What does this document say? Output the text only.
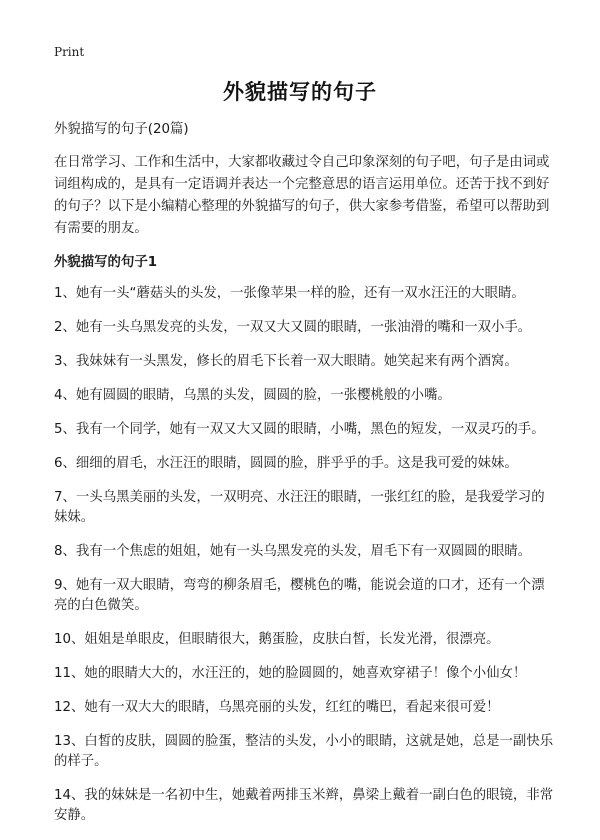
Print
外貌描写的句子

外貌描写的句子(20篇)

在日常学习、工作和生活中，大家都收藏过令自己印象深刻的句子吧，句子是由词或词组构成的，是具有一定语调并表达一个完整意思的语言运用单位。还苦于找不到好的句子？以下是小编精心整理的外貌描写的句子，供大家参考借鉴，希望可以帮助到有需要的朋友。

外貌描写的句子1
1、她有一头“蘑菇头的头发，一张像苹果一样的脸，还有一双水汪汪的大眼睛。
2、她有一头乌黑发亮的头发，一双又大又圆的眼睛，一张油滑的嘴和一双小手。
3、我妹妹有一头黑发，修长的眉毛下长着一双大眼睛。她笑起来有两个酒窝。
4、她有圆圆的眼睛，乌黑的头发，圆圆的脸，一张樱桃般的小嘴。
5、我有一个同学，她有一双又大又圆的眼睛，小嘴，黑色的短发，一双灵巧的手。
6、细细的眉毛，水汪汪的眼睛，圆圆的脸，胖乎乎的手。这是我可爱的妹妹。
7、一头乌黑美丽的头发，一双明亮、水汪汪的眼睛，一张红红的脸，是我爱学习的妹妹。
8、我有一个焦虑的姐姐，她有一头乌黑发亮的头发，眉毛下有一双圆圆的眼睛。
9、她有一双大眼睛，弯弯的柳条眉毛，樱桃色的嘴，能说会道的口才，还有一个漂亮的白色微笑。
10、姐姐是单眼皮，但眼睛很大，鹅蛋脸，皮肤白皙，长发光滑，很漂亮。
11、她的眼睛大大的，水汪汪的，她的脸圆圆的，她喜欢穿裙子！像个小仙女！
12、她有一双大大的眼睛，乌黑亮丽的头发，红红的嘴巴，看起来很可爱！
13、白皙的皮肤，圆圆的脸蛋，整洁的头发，小小的眼睛，这就是她，总是一副快乐的样子。
14、我的妹妹是一名初中生，她戴着两排玉米辫，鼻梁上戴着一副白色的眼镜，非常安静。
